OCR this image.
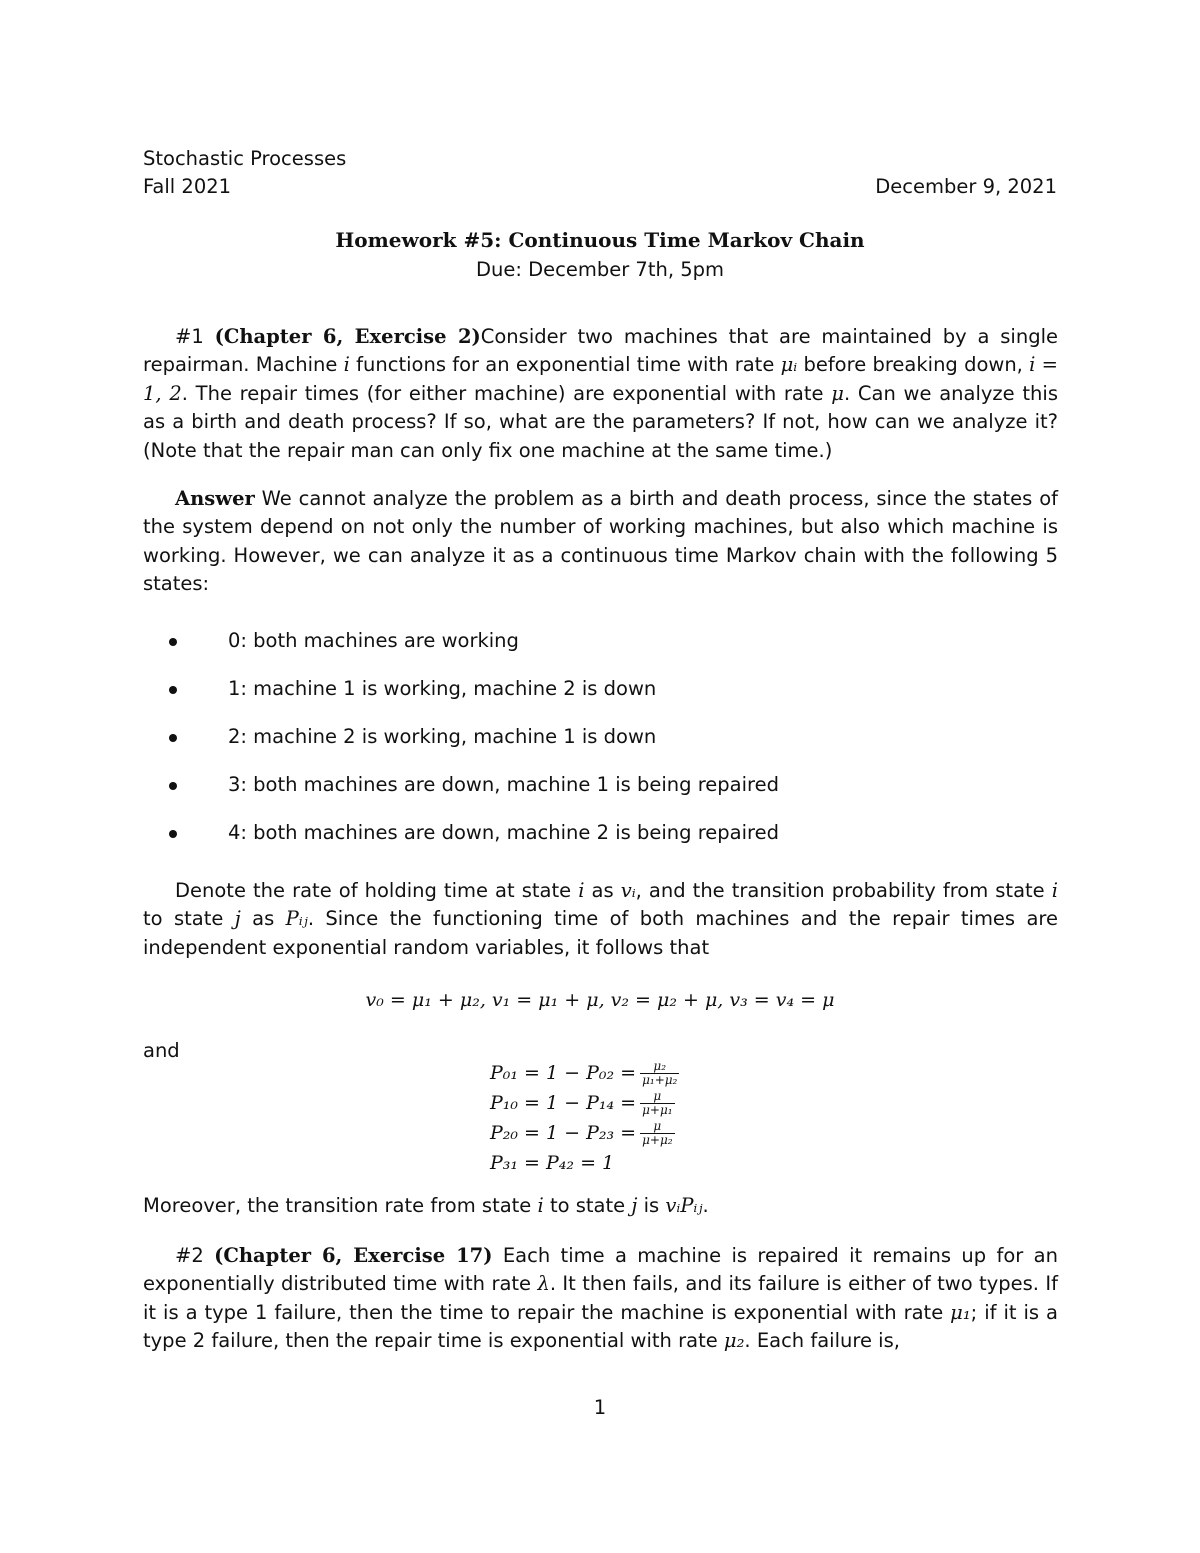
Stochastic Processes
Fall 2021	December 9, 2021
Homework #5: Continuous Time Markov Chain
Due: December 7th, 5pm
#1 (Chapter 6, Exercise 2)Consider two machines that are maintained by a single repairman. Machine i functions for an exponential time with rate μᵢ before breaking down, i = 1, 2. The repair times (for either machine) are exponential with rate μ. Can we analyze this as a birth and death process? If so, what are the parameters? If not, how can we analyze it? (Note that the repair man can only fix one machine at the same time.)
Answer We cannot analyze the problem as a birth and death process, since the states of the system depend on not only the number of working machines, but also which machine is working. However, we can analyze it as a continuous time Markov chain with the following 5 states:
0: both machines are working
1: machine 1 is working, machine 2 is down
2: machine 2 is working, machine 1 is down
3: both machines are down, machine 1 is being repaired
4: both machines are down, machine 2 is being repaired
Denote the rate of holding time at state i as vᵢ, and the transition probability from state i to state j as Pᵢⱼ. Since the functioning time of both machines and the repair times are independent exponential random variables, it follows that
v₀ = μ₁ + μ₂, v₁ = μ₁ + μ, v₂ = μ₂ + μ, v₃ = v₄ = μ
and
$P_{01} = 1 - P_{02} = \frac{\text{μ₂}}{\text{μ₁+μ₂}}$
$P_{10} = 1 - P_{14} = \frac{\mu}{\text{μ+μ₁}}$
$P_{20} = 1 - P_{23} = \frac{\mu}{\text{μ+μ₂}}$
P₃₁ = P₄₂ = 1
Moreover, the transition rate from state i to state j is vᵢPᵢⱼ.
#2 (Chapter 6, Exercise 17) Each time a machine is repaired it remains up for an exponentially distributed time with rate λ. It then fails, and its failure is either of two types. If it is a type 1 failure, then the time to repair the machine is exponential with rate μ₁; if it is a type 2 failure, then the repair time is exponential with rate μ₂. Each failure is,
1
